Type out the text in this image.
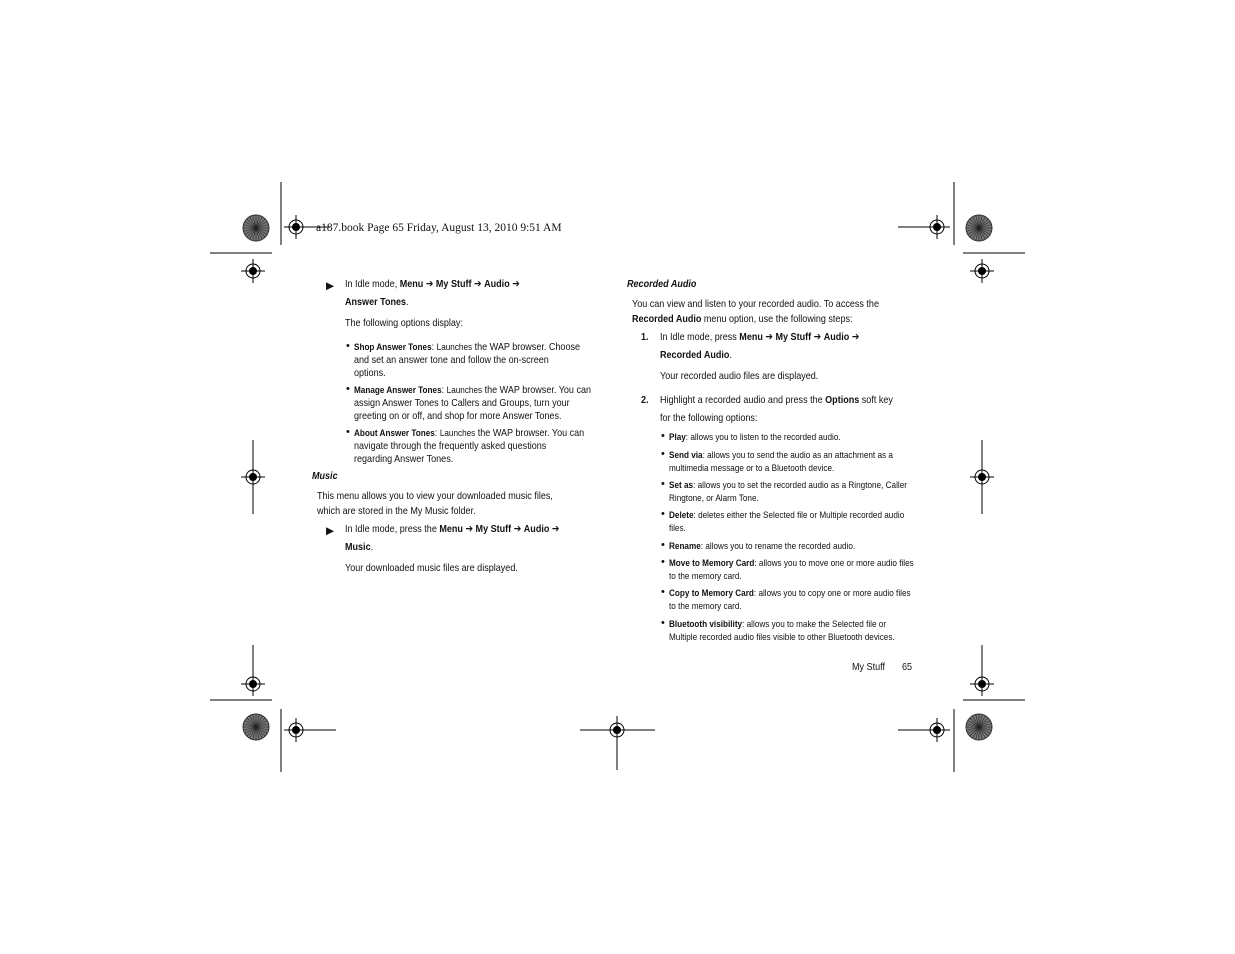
a187.book Page 65 Friday, August 13, 2010 9:51 AM
▶ In Idle mode, Menu ➔ My Stuff ➔ Audio ➔
Answer Tones.
The following options display:
• Shop Answer Tones: Launches the WAP browser. Choose
and set an answer tone and follow the on-screen
options.
• Manage Answer Tones: Launches the WAP browser. You can
assign Answer Tones to Callers and Groups, turn your
greeting on or off, and shop for more Answer Tones.
• About Answer Tones: Launches the WAP browser. You can
navigate through the frequently asked questions
regarding Answer Tones.
Music
This menu allows you to view your downloaded music files,
which are stored in the My Music folder.
▶ In Idle mode, press the Menu ➔ My Stuff ➔ Audio ➔
Music.
Your downloaded music files are displayed.
Recorded Audio
You can view and listen to your recorded audio. To access the
Recorded Audio menu option, use the following steps:
1. In Idle mode, press Menu ➔ My Stuff ➔ Audio ➔
Recorded Audio.
Your recorded audio files are displayed.
2. Highlight a recorded audio and press the Options soft key
for the following options:
• Play: allows you to listen to the recorded audio.
• Send via: allows you to send the audio as an attachment as a
multimedia message or to a Bluetooth device.
• Set as: allows you to set the recorded audio as a Ringtone, Caller
Ringtone, or Alarm Tone.
• Delete: deletes either the Selected file or Multiple recorded audio
files.
• Rename: allows you to rename the recorded audio.
• Move to Memory Card: allows you to move one or more audio files
to the memory card.
• Copy to Memory Card: allows you to copy one or more audio files
to the memory card.
• Bluetooth visibility: allows you to make the Selected file or
Multiple recorded audio files visible to other Bluetooth devices.
My Stuff	65
